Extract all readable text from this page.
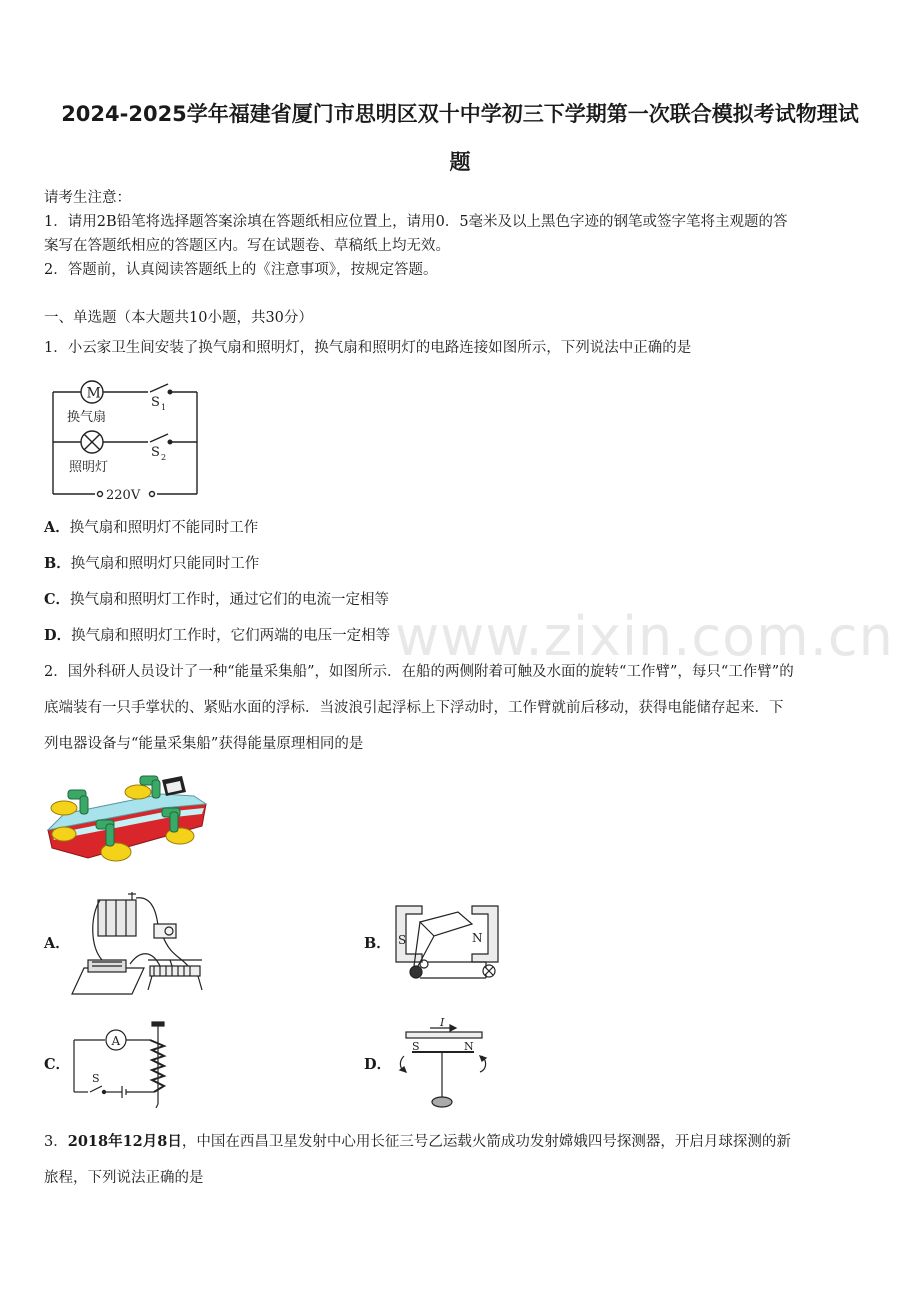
2024-2025学年福建省厦门市思明区双十中学初三下学期第一次联合模拟考试物理试
题
请考生注意：
1．请用2B铅笔将选择题答案涂填在答题纸相应位置上，请用0．5毫米及以上黑色字迹的钢笔或签字笔将主观题的答
案写在答题纸相应的答题区内。写在试题卷、草稿纸上均无效。
2．答题前，认真阅读答题纸上的《注意事项》，按规定答题。
一、单选题（本大题共10小题，共30分）
1．小云家卫生间安装了换气扇和照明灯，换气扇和照明灯的电路连接如图所示，下列说法中正确的是
M
换气扇
照明灯
S 1
S 2
220V
A．换气扇和照明灯不能同时工作
B．换气扇和照明灯只能同时工作
C．换气扇和照明灯工作时，通过它们的电流一定相等
D．换气扇和照明灯工作时，它们两端的电压一定相等 www.zixin.com.cn
2．国外科研人员设计了一种“能量采集船”，如图所示．在船的两侧附着可触及水面的旋转“工作臂”，每只“工作臂”的
底端装有一只手掌状的、紧贴水面的浮标．当波浪引起浮标上下浮动时，工作臂就前后移动，获得电能储存起来．下
列电器设备与“能量采集船”获得能量原理相同的是
A．	B． S	N
C．
A
S
D．
I
S	N
3．2018年12月8日，中国在西昌卫星发射中心用长征三号乙运载火箭成功发射嫦娥四号探测器，开启月球探测的新
旅程，下列说法正确的是
